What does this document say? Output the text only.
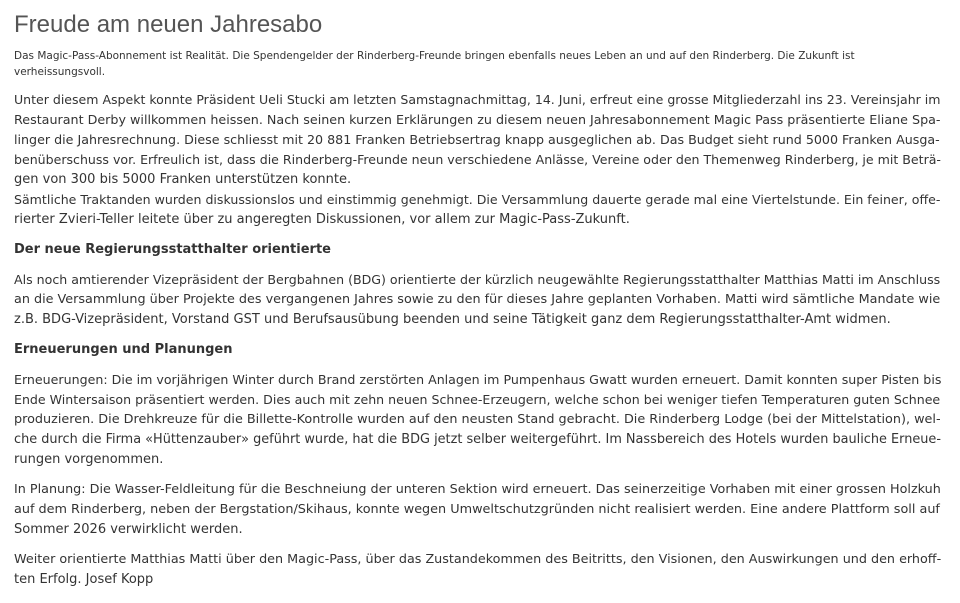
Freude am neuen Jahresabo

Das Magic-Pass-Abonnement ist Realität. Die Spendengelder der Rinderberg-Freunde bringen ebenfalls neues Leben an und auf den Rinderberg. Die Zukunft ist
verheissungsvoll.

Unter diesem Aspekt konnte Präsident Ueli Stucki am letzten Samstagnachmittag, 14. Juni, erfreut eine grosse Mitgliederzahl ins 23. Vereinsjahr im
Restaurant Derby willkommen heissen. Nach seinen kurzen Erklärungen zu diesem neuen Jahresabonnement Magic Pass präsentierte Eliane Spa-
linger die Jahresrechnung. Diese schliesst mit 20 881 Franken Betriebsertrag knapp ausgeglichen ab. Das Budget sieht rund 5000 Franken Ausga-
benüberschuss vor. Erfreulich ist, dass die Rinderberg-Freunde neun verschiedene Anlässe, Vereine oder den Themenweg Rinderberg, je mit Beträ-
gen von 300 bis 5000 Franken unterstützen konnte.
Sämtliche Traktanden wurden diskussionslos und einstimmig genehmigt. Die Versammlung dauerte gerade mal eine Viertelstunde. Ein feiner, offe-
rierter Zvieri-Teller leitete über zu angeregten Diskussionen, vor allem zur Magic-Pass-Zukunft.

Der neue Regierungsstatthalter orientierte

Als noch amtierender Vizepräsident der Bergbahnen (BDG) orientierte der kürzlich neugewählte Regierungsstatthalter Matthias Matti im Anschluss
an die Versammlung über Projekte des vergangenen Jahres sowie zu den für dieses Jahre geplanten Vorhaben. Matti wird sämtliche Mandate wie
z.B. BDG-Vizepräsident, Vorstand GST und Berufsausübung beenden und seine Tätigkeit ganz dem Regierungsstatthalter-Amt widmen.

Erneuerungen und Planungen

Erneuerungen: Die im vorjährigen Winter durch Brand zerstörten Anlagen im Pumpenhaus Gwatt wurden erneuert. Damit konnten super Pisten bis
Ende Wintersaison präsentiert werden. Dies auch mit zehn neuen Schnee-Erzeugern, welche schon bei weniger tiefen Temperaturen guten Schnee
produzieren. Die Drehkreuze für die Billette-Kontrolle wurden auf den neusten Stand gebracht. Die Rinderberg Lodge (bei der Mittelstation), wel-
che durch die Firma «Hüttenzauber» geführt wurde, hat die BDG jetzt selber weitergeführt. Im Nassbereich des Hotels wurden bauliche Erneue-
rungen vorgenommen.

In Planung: Die Wasser-Feldleitung für die Beschneiung der unteren Sektion wird erneuert. Das seinerzeitige Vorhaben mit einer grossen Holzkuh
auf dem Rinderberg, neben der Bergstation/Skihaus, konnte wegen Umweltschutzgründen nicht realisiert werden. Eine andere Plattform soll auf
Sommer 2026 verwirklicht werden.

Weiter orientierte Matthias Matti über den Magic-Pass, über das Zustandekommen des Beitritts, den Visionen, den Auswirkungen und den erhoff-
ten Erfolg. Josef Kopp
